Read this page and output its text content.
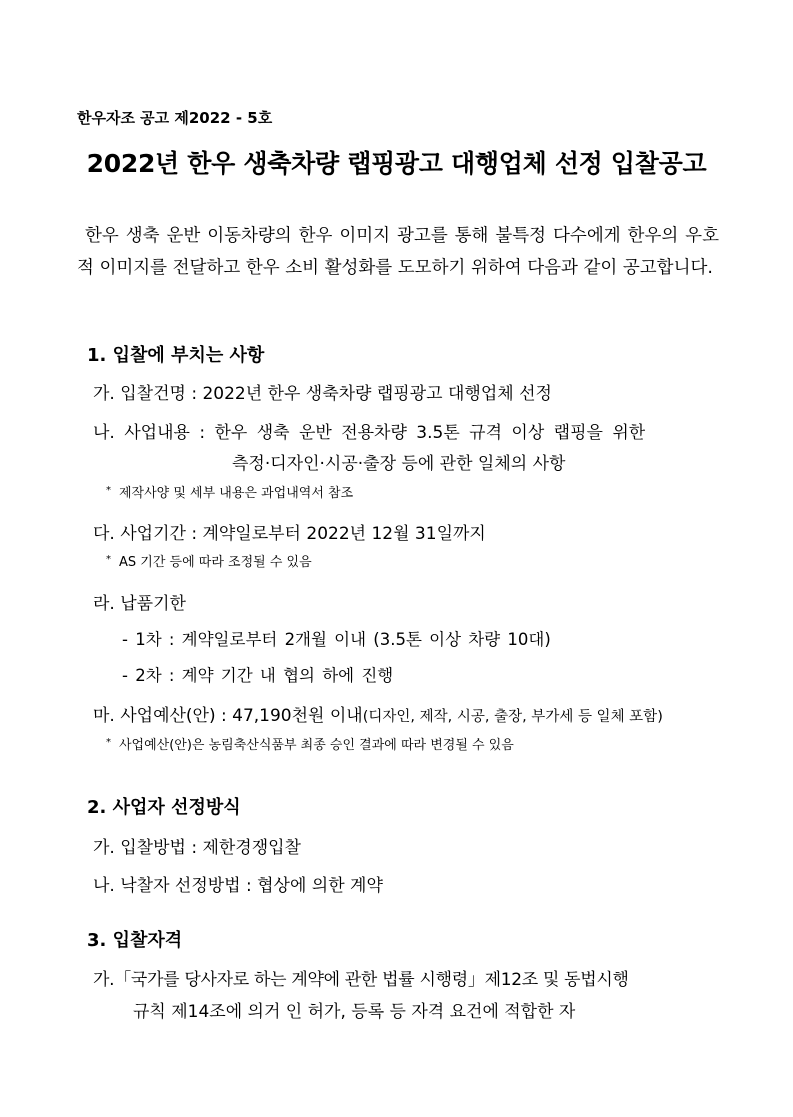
한우자조 공고 제2022 - 5호
2022년 한우 생축차량 랩핑광고 대행업체 선정 입찰공고
한우 생축 운반 이동차량의 한우 이미지 광고를 통해 불특정 다수에게 한우의 우호적 이미지를 전달하고 한우 소비 활성화를 도모하기 위하여 다음과 같이 공고합니다.
1. 입찰에 부치는 사항
가. 입찰건명 : 2022년 한우 생축차량 랩핑광고 대행업체 선정
나. 사업내용 : 한우 생축 운반 전용차량 3.5톤 규격 이상 랩핑을 위한
측정·디자인·시공·출장 등에 관한 일체의 사항
* 제작사양 및 세부 내용은 과업내역서 참조
다. 사업기간 : 계약일로부터 2022년 12월 31일까지
* AS 기간 등에 따라 조정될 수 있음
라. 납품기한
- 1차 : 계약일로부터 2개월 이내 (3.5톤 이상 차량 10대)
- 2차 : 계약 기간 내 협의 하에 진행
마. 사업예산(안) : 47,190천원 이내(디자인, 제작, 시공, 출장, 부가세 등 일체 포함)
* 사업예산(안)은 농림축산식품부 최종 승인 결과에 따라 변경될 수 있음
2. 사업자 선정방식
가. 입찰방법 : 제한경쟁입찰
나. 낙찰자 선정방법 : 협상에 의한 계약
3. 입찰자격
가.「국가를 당사자로 하는 계약에 관한 법률 시행령」제12조 및 동법시행
규칙 제14조에 의거 인 허가, 등록 등 자격 요건에 적합한 자
